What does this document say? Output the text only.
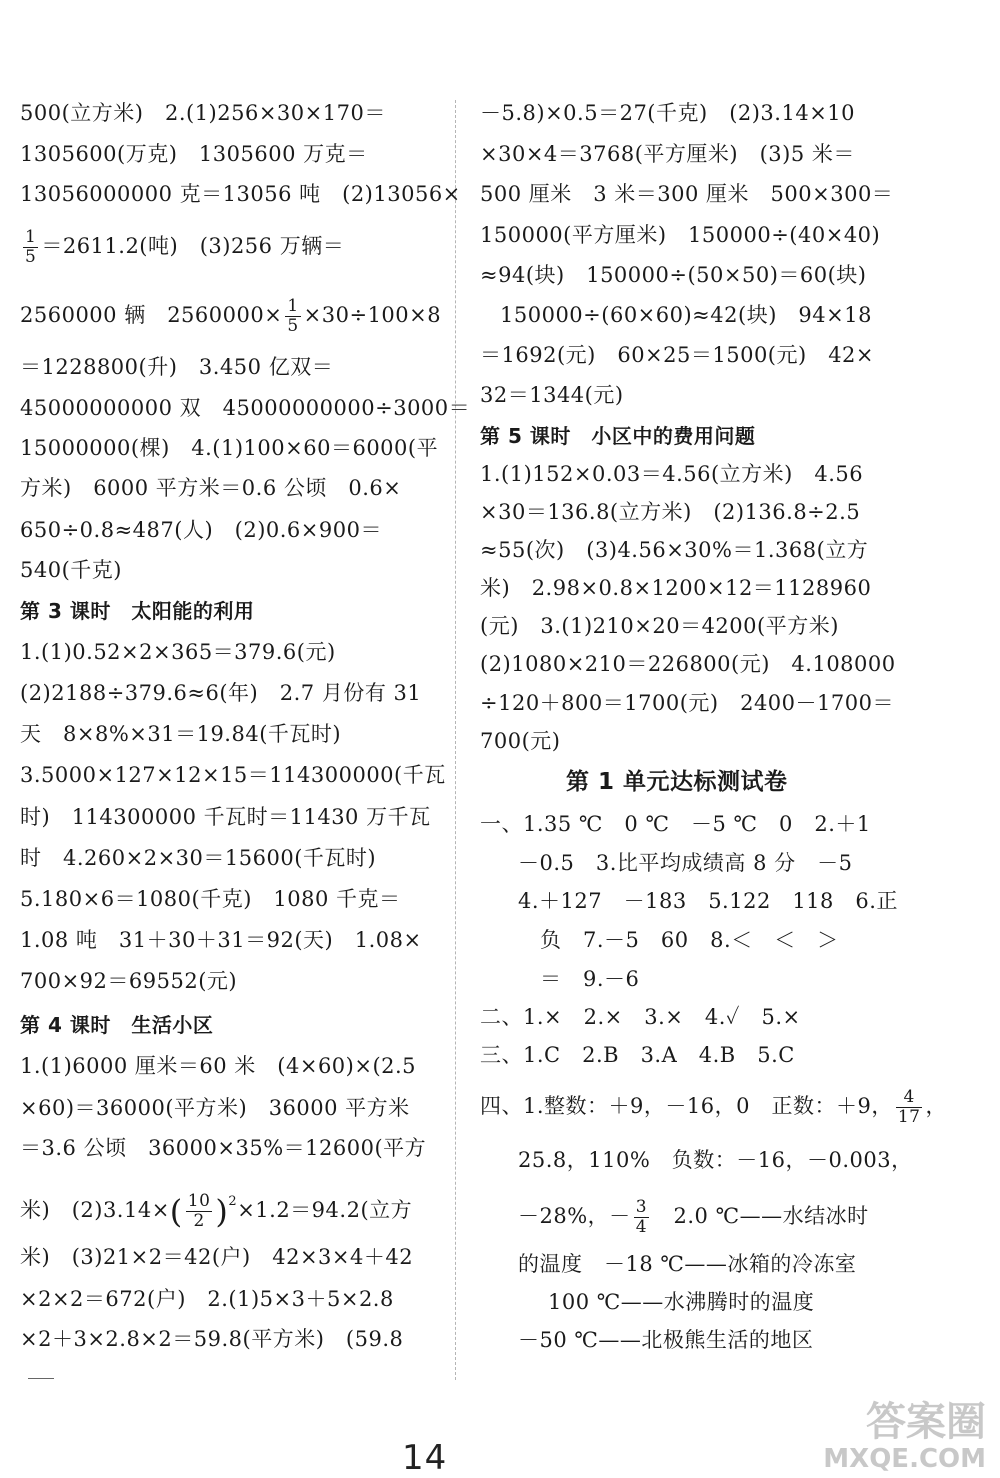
500(立方米)　2.(1)256×30×170＝
1305600(万克)　1305600 万克＝
13056000000 克＝13056 吨　(2)13056×
$\frac{1}{5} =2611.2$(吨)　(3)256 万辆＝
2560000 辆　$2560000\times \frac{1}{5} \times 30\div 100\times 8$
＝1228800(升)　3.450 亿双＝
45000000000 双　45000000000÷3000＝
15000000(棵)　4.(1)100×60＝6000(平
方米)　6000 平方米＝0.6 公顷　0.6×
650÷0.8≈487(人)　(2)0.6×900＝
540(千克)
第 3 课时　太阳能的利用
1.(1)0.52×2×365＝379.6(元)
(2)2188÷379.6≈6(年)　2.7 月份有 31
天　8×8%×31＝19.84(千瓦时)
3.5000×127×12×15＝114300000(千瓦
时)　114300000 千瓦时＝11430 万千瓦
时　4.260×2×30＝15600(千瓦时)
5.180×6＝1080(千克)　1080 千克＝
1.08 吨　31＋30＋31＝92(天)　1.08×
700×92＝69552(元)
第 4 课时　生活小区
1.(1)6000 厘米＝60 米　(4×60)×(2.5
×60)＝36000(平方米)　36000 平方米
＝3.6 公顷　36000×35%＝12600(平方
米)　$(2)3.14\times( \frac{10}{2} )^2\times 1.2=94.2$(立方
米)　(3)21×2＝42(户)　42×3×4＋42
×2×2＝672(户)　2.(1)5×3＋5×2.8
×2＋3×2.8×2＝59.8(平方米)　(59.8
－5.8)×0.5＝27(千克)　(2)3.14×10
×30×4＝3768(平方厘米)　(3)5 米＝
500 厘米　3 米＝300 厘米　500×300＝
150000(平方厘米)　150000÷(40×40)
≈94(块)　150000÷(50×50)＝60(块)
150000÷(60×60)≈42(块)　94×18
＝1692(元)　60×25＝1500(元)　42×
32＝1344(元)
第 5 课时　小区中的费用问题
1.(1)152×0.03＝4.56(立方米)　4.56
×30＝136.8(立方米)　(2)136.8÷2.5
≈55(次)　(3)4.56×30%＝1.368(立方
米)　2.98×0.8×1200×12＝1128960
(元)　3.(1)210×20＝4200(平方米)
(2)1080×210＝226800(元)　4.108000
÷120＋800＝1700(元)　2400－1700＝
700(元)
第 1 单元达标测试卷
一、1.35 ℃　0 ℃　－5 ℃　0　2.＋1
－0.5　3.比平均成绩高 8 分　－5
4.＋127　－183　5.122　118　6.正
负　7.－5　60　8.＜　＜　＞
＝　9.－6
二、1.×　2.×　3.×　4.✓　5.×
三、1.C　2.B　3.A　4.B　5.C
四、1.整数：＋9，－16，0　正数：＋9， $\frac{4}{17}$ ，
25.8，110%　负数：－16，－0.003，
－28%，－ $\frac{3}{4}$ 　2.0 ℃——水结冰时
的温度　－18 ℃——冰箱的冷冻室
100 ℃——水沸腾时的温度
－50 ℃——北极熊生活的地区
14
答案圈
MXQE.COM
